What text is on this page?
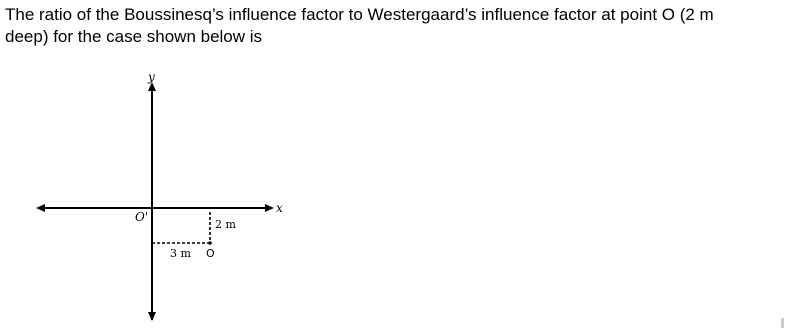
The ratio of the Boussinesq’s influence factor to Westergaard’s influence factor at point O (2 m

deep) for the case shown below is

y
x
O'
2 m
3 m O
